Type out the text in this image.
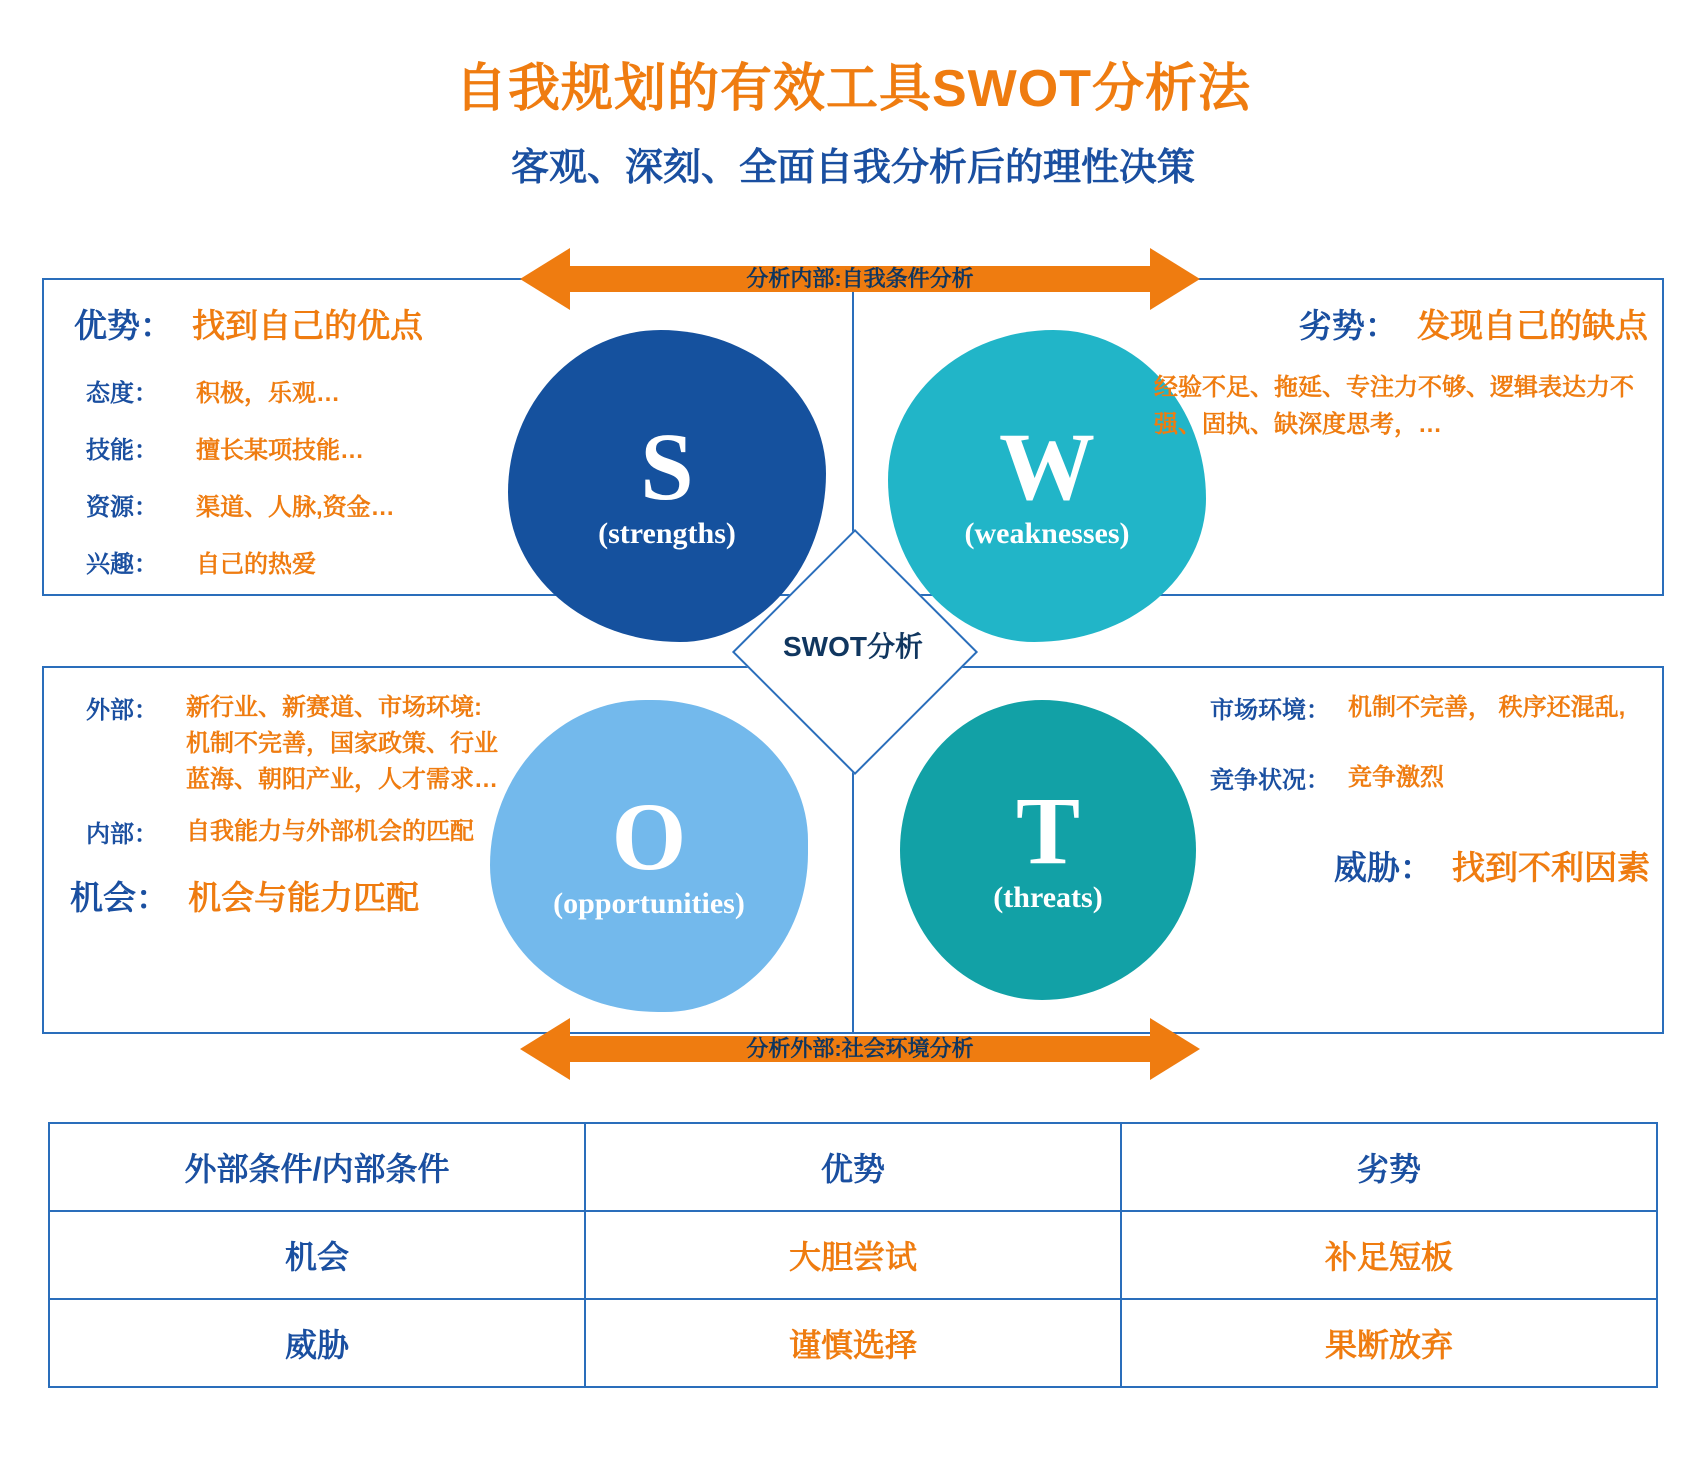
自我规划的有效工具SWOT分析法
客观、深刻、全面自我分析后的理性决策
分析内部:自我条件分析
分析外部:社会环境分析
S
(strengths)
W
(weaknesses)
O
(opportunities)
T
(threats)
SWOT分析
优势： 找到自己的优点
态度：	积极，乐观…
技能：	擅长某项技能…
资源：	渠道、人脉,资金…
兴趣：	自己的热爱
劣势： 发现自己的缺点
经验不足、拖延、专注力不够、逻辑表达力不强、固执、缺深度思考，…
外部：	新行业、新赛道、市场环境:机制不完善，国家政策、行业蓝海、朝阳产业，人才需求…
内部：	自我能力与外部机会的匹配
机会： 机会与能力匹配
市场环境： 机制不完善， 秩序还混乱,
竞争状况： 竞争激烈
威胁： 找到不利因素
外部条件/内部条件	优势	劣势
机会	大胆尝试	补足短板
威胁	谨慎选择	果断放弃
